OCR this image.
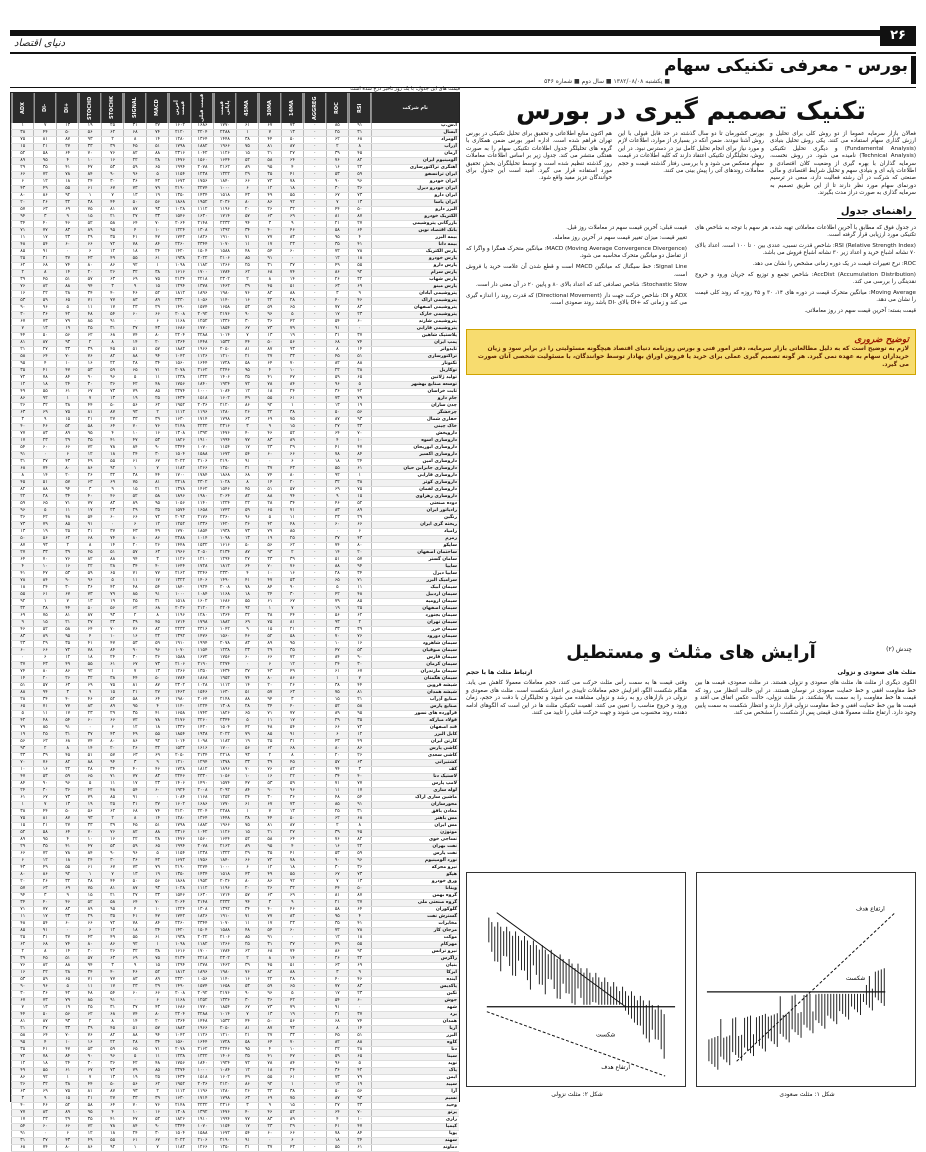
دنیای اقتصاد
۲۶
بورس - معرفی تکنیکی سهام
■ یکشنبه ۱۳۸۲/۰۸/۰۸ ■ سال دوم ■ شماره ۵۴۶
قیمت های این جدول، با یک روز تاخیر درج شده است
نام شرکت	RSI	ROC	AGGREG	14MA	30MA	45MA	قیمت پایانی	قیمت قبلی	آخرین قیمت	MACD	SIGNAL	STOCHK	STOCHD	+DI	-DI	ADX
آ.س.پ	۹۱	۸۵	·	۷۳	۶۷	۶۱	۱۷۷۰	۱۶۸۶	۱۶۰۲	۳۷	۳۱	۲۵	۱۹	۱۳	۷	۱
آبسال	۳۱	۲۵	·	۱۳	۷	۱	۲۲۸۸	۲۲۰۴	۲۱۲۰	۷۴	۶۸	۶۲	۵۶	۵۰	۴۴	۳۸
آلومراد	۶۸	۶۲	·	۵۰	۴۴	۳۸	۱۴۴۸	۱۳۶۴	۱۲۸۰	۱۴	۸	۲	۹۳	۸۷	۸۱	۷۵
آذرآب	۸	۲	·	۸۷	۸۱	۷۵	۱۹۶۶	۱۸۸۲	۱۷۹۸	۵۱	۴۵	۳۹	۳۳	۲۷	۲۱	۱۵
آرمان	۴۵	۳۹	·	۲۷	۲۱	۱۵	۱۱۲۶	۱۰۴۲	۲۳۱۶	۸۸	۸۲	۷۶	۷۰	۶۴	۵۸	۵۲
آلومینیوم ایران	۸۲	۷۶	·	۶۴	۵۸	۵۲	۱۶۴۴	۱۵۶۰	۱۴۷۶	۲۸	۲۲	۱۶	۱۰	۴	۹۵	۸۹
آهنگری تراکتورسازی	۲۲	۱۶	·	۴	۹۵	۸۹	۲۱۶۲	۲۰۷۸	۱۹۹۴	۶۵	۵۹	۵۳	۴۷	۴۱	۳۵	۲۹
ایران ترانسفو	۵۹	۵۳	·	۴۱	۳۵	۲۹	۱۳۲۲	۱۲۳۸	۱۱۵۴	۵	۹۶	۹۰	۸۴	۷۸	۷۲	۶۶
ایران خودرو	۹۶	۹۰	·	۷۸	۷۲	۶۶	۱۸۴۰	۱۷۵۶	۱۶۷۲	۴۲	۳۶	۳۰	۲۴	۱۸	۱۲	۶
ایران خودرو دیزل	۳۶	۳۰	·	۱۸	۱۲	۶	۱۰۰۰	۲۲۷۴	۲۱۹۰	۷۹	۷۳	۶۷	۶۱	۵۵	۴۹	۴۳
ایران دارو	۷۳	۶۷	·	۵۵	۴۹	۴۳	۱۵۱۸	۱۴۳۴	۱۳۵۰	۱۹	۱۳	۷	۱	۹۲	۸۶	۸۰
ایران یاسا	۱۳	۷	·	۹۲	۸۶	۸۰	۲۰۳۶	۱۹۵۲	۱۸۶۸	۵۶	۵۰	۴۴	۳۸	۳۲	۲۶	۲۰
البرز دارو	۵۰	۴۴	·	۳۲	۲۶	۲۰	۱۱۹۶	۱۱۱۲	۱۰۲۸	۹۳	۸۷	۸۱	۷۵	۶۹	۶۳	۵۷
الکتریک خودرو	۸۷	۸۱	·	۶۹	۶۳	۵۷	۱۷۱۴	۱۶۳۰	۱۵۴۶	۳۳	۲۷	۲۱	۱۵	۹	۳	۹۴
بازرگانی پتروشیمی	۲۷	۲۱	·	۹	۳	۹۴	۲۲۳۲	۲۱۴۸	۲۰۶۴	۷۰	۶۴	۵۸	۵۲	۴۶	۴۰	۳۴
بانک اقتصاد نوین	۶۴	۵۸	·	۴۶	۴۰	۳۴	۱۳۹۲	۱۳۰۸	۱۲۲۴	۱۰	۴	۹۵	۸۹	۸۳	۷۷	۷۱
بیمه البرز	۴	۹۵	·	۸۳	۷۷	۷۱	۱۹۱۰	۱۸۲۶	۱۷۴۲	۴۷	۴۱	۳۵	۲۹	۲۳	۱۷	۱۱
بیمه دانا	۴۱	۳۵	·	۲۳	۱۷	۱۱	۱۰۷۰	۲۳۴۴	۲۲۶۰	۸۴	۷۸	۷۲	۶۶	۶۰	۵۴	۴۸
پارس الکتریک	۷۸	۷۲	·	۶۰	۵۴	۴۸	۱۵۸۸	۱۵۰۴	۱۴۲۰	۲۴	۱۸	۱۲	۶	۰	۹۱	۸۵
پارس خودرو	۱۸	۱۲	·	۰	۹۱	۸۵	۲۱۰۶	۲۰۲۲	۱۹۳۸	۶۱	۵۵	۴۹	۴۳	۳۷	۳۱	۲۵
پارس دارو	۵۵	۴۹	·	۳۷	۳۱	۲۵	۱۲۶۶	۱۱۸۲	۱۰۹۸	۱	۹۲	۸۶	۸۰	۷۴	۶۸	۶۲
پارس سرام	۹۲	۸۶	·	۷۴	۶۸	۶۲	۱۷۸۴	۱۷۰۰	۱۶۱۶	۳۸	۳۲	۲۶	۲۰	۱۴	۸	۲
پارس شهاب	۳۲	۲۶	·	۱۴	۸	۲	۲۳۰۲	۲۲۱۸	۲۱۳۴	۷۵	۶۹	۶۳	۵۷	۵۱	۴۵	۳۹
پارس مینو	۶۹	۶۳	·	۵۱	۴۵	۳۹	۱۴۶۲	۱۳۷۸	۱۲۹۴	۱۵	۹	۳	۹۴	۸۸	۸۲	۷۶
پتروشیمی آبادان	۹	۳	·	۸۸	۸۲	۷۶	۱۹۸۰	۱۸۹۶	۱۸۱۲	۵۲	۴۶	۴۰	۳۴	۲۸	۲۲	۱۶
پتروشیمی اراک	۴۶	۴۰	·	۲۸	۲۲	۱۶	۱۱۴۰	۱۰۵۶	۲۳۳۰	۸۹	۸۳	۷۷	۷۱	۶۵	۵۹	۵۳
پتروشیمی اصفهان	۸۳	۷۷	·	۶۵	۵۹	۵۳	۱۶۵۸	۱۵۷۴	۱۴۹۰	۲۹	۲۳	۱۷	۱۱	۵	۹۶	۹۰
پتروشیمی خارک	۲۳	۱۷	·	۵	۹۶	۹۰	۲۱۷۶	۲۰۹۲	۲۰۰۸	۶۶	۶۰	۵۴	۴۸	۴۲	۳۶	۳۰
پتروشیمی شازند	۶۰	۵۴	·	۴۲	۳۶	۳۰	۱۳۳۶	۱۲۵۲	۱۱۶۸	۶	۰	۹۱	۸۵	۷۹	۷۳	۶۷
پتروشیمی فارابی	۰	۹۱	·	۷۹	۷۳	۶۷	۱۸۵۴	۱۷۷۰	۱۶۸۶	۴۳	۳۷	۳۱	۲۵	۱۹	۱۳	۷
پلاستیک شاهین	۳۷	۳۱	·	۱۹	۱۳	۷	۱۰۱۴	۲۲۸۸	۲۲۰۴	۸۰	۷۴	۶۸	۶۲	۵۶	۵۰	۴۴
پمپ ایران	۷۴	۶۸	·	۵۶	۵۰	۴۴	۱۵۳۲	۱۴۴۸	۱۳۶۴	۲۰	۱۴	۸	۲	۹۳	۸۷	۸۱
تایدواتر	۱۴	۸	·	۹۳	۸۷	۸۱	۲۰۵۰	۱۹۶۶	۱۸۸۲	۵۷	۵۱	۴۵	۳۹	۳۳	۲۷	۲۱
تراکتورسازی	۵۱	۴۵	·	۳۳	۲۷	۲۱	۱۲۱۰	۱۱۲۶	۱۰۴۲	۹۴	۸۸	۸۲	۷۶	۷۰	۶۴	۵۸
تکنوتار	۸۸	۸۲	·	۷۰	۶۴	۵۸	۱۷۲۸	۱۶۴۴	۱۵۶۰	۳۴	۲۸	۲۲	۱۶	۱۰	۴	۹۵
توکاریل	۲۸	۲۲	·	۱۰	۴	۹۵	۲۲۴۶	۲۱۶۲	۲۰۷۸	۷۱	۶۵	۵۹	۵۳	۴۷	۴۱	۳۵
تولید ژلاتین	۶۵	۵۹	·	۴۷	۴۱	۳۵	۱۴۰۶	۱۳۲۲	۱۲۳۸	۱۱	۵	۹۶	۹۰	۸۴	۷۸	۷۲
توسعه صنایع بهشهر	۵	۹۶	·	۸۴	۷۸	۷۲	۱۹۲۴	۱۸۴۰	۱۷۵۶	۴۸	۴۲	۳۶	۳۰	۲۴	۱۸	۱۲
ثابت خراسان	۴۲	۳۶	·	۲۴	۱۸	۱۲	۱۰۸۴	۱۰۰۰	۲۲۷۴	۸۵	۷۹	۷۳	۶۷	۶۱	۵۵	۴۹
جام دارو	۷۹	۷۳	·	۶۱	۵۵	۴۹	۱۶۰۲	۱۵۱۸	۱۴۳۴	۲۵	۱۹	۱۳	۷	۱	۹۲	۸۶
چدن سازان	۱۹	۱۳	·	۱	۹۲	۸۶	۲۱۲۰	۲۰۳۶	۱۹۵۲	۶۲	۵۶	۵۰	۴۴	۳۸	۳۲	۲۶
چرخشگر	۵۶	۵۰	·	۳۸	۳۲	۲۶	۱۲۸۰	۱۱۹۶	۱۱۱۲	۲	۹۳	۸۷	۸۱	۷۵	۶۹	۶۳
حفاری شمال	۹۳	۸۷	·	۷۵	۶۹	۶۳	۱۷۹۸	۱۷۱۴	۱۶۳۰	۳۹	۳۳	۲۷	۲۱	۱۵	۹	۳
خاک چینی	۳۳	۲۷	·	۱۵	۹	۳	۲۳۱۶	۲۲۳۲	۲۱۴۸	۷۶	۷۰	۶۴	۵۸	۵۲	۴۶	۴۰
داروپخش	۷۰	۶۴	·	۵۲	۴۶	۴۰	۱۴۷۶	۱۳۹۲	۱۳۰۸	۱۶	۱۰	۴	۹۵	۸۹	۸۳	۷۷
داروسازی اسوه	۱۰	۴	·	۸۹	۸۳	۷۷	۱۹۹۴	۱۹۱۰	۱۸۲۶	۵۳	۴۷	۴۱	۳۵	۲۹	۲۳	۱۷
داروسازی ابوریحان	۴۷	۴۱	·	۲۹	۲۳	۱۷	۱۱۵۴	۱۰۷۰	۲۳۴۴	۹۰	۸۴	۷۸	۷۲	۶۶	۶۰	۵۴
داروسازی اکسیر	۸۴	۷۸	·	۶۶	۶۰	۵۴	۱۶۷۲	۱۵۸۸	۱۵۰۴	۳۰	۲۴	۱۸	۱۲	۶	۰	۹۱
داروسازی امین	۲۴	۱۸	·	۶	۰	۹۱	۲۱۹۰	۲۱۰۶	۲۰۲۲	۶۷	۶۱	۵۵	۴۹	۴۳	۳۷	۳۱
داروسازی جابرابن حیان	۶۱	۵۵	·	۴۳	۳۷	۳۱	۱۳۵۰	۱۲۶۶	۱۱۸۲	۷	۱	۹۲	۸۶	۸۰	۷۴	۶۸
داروسازی فارابی	۱	۹۲	·	۸۰	۷۴	۶۸	۱۸۶۸	۱۷۸۴	۱۷۰۰	۴۴	۳۸	۳۲	۲۶	۲۰	۱۴	۸
داروسازی کوثر	۳۸	۳۲	·	۲۰	۱۴	۸	۱۰۲۸	۲۳۰۲	۲۲۱۸	۸۱	۷۵	۶۹	۶۳	۵۷	۵۱	۴۵
داروسازی لقمان	۷۵	۶۹	·	۵۷	۵۱	۴۵	۱۵۴۶	۱۴۶۲	۱۳۷۸	۲۱	۱۵	۹	۳	۹۴	۸۸	۸۲
داروسازی زهراوی	۱۵	۹	·	۹۴	۸۸	۸۲	۲۰۶۴	۱۹۸۰	۱۸۹۶	۵۸	۵۲	۴۶	۴۰	۳۴	۲۸	۲۲
دوده صنعتی	۵۲	۴۶	·	۳۴	۲۸	۲۲	۱۲۲۴	۱۱۴۰	۱۰۵۶	۹۵	۸۹	۸۳	۷۷	۷۱	۶۵	۵۹
رادیاتور ایران	۸۹	۸۳	·	۷۱	۶۵	۵۹	۱۷۴۲	۱۶۵۸	۱۵۷۴	۳۵	۲۹	۲۳	۱۷	۱۱	۵	۹۶
رنگین	۲۹	۲۳	·	۱۱	۵	۹۶	۲۲۶۰	۲۱۷۶	۲۰۹۲	۷۲	۶۶	۶۰	۵۴	۴۸	۴۲	۳۶
ریخته گری ایران	۶۶	۶۰	·	۴۸	۴۲	۳۶	۱۴۲۰	۱۳۳۶	۱۲۵۲	۱۲	۶	۰	۹۱	۸۵	۷۹	۷۳
زامیاد	۶	۰	·	۸۵	۷۹	۷۳	۱۹۳۸	۱۸۵۴	۱۷۷۰	۴۹	۴۳	۳۷	۳۱	۲۵	۱۹	۱۳
زمزم	۴۳	۳۷	·	۲۵	۱۹	۱۳	۱۰۹۸	۱۰۱۴	۲۲۸۸	۸۶	۸۰	۷۴	۶۸	۶۲	۵۶	۵۰
ساپکو	۸۰	۷۴	·	۶۲	۵۶	۵۰	۱۶۱۶	۱۵۳۲	۱۴۴۸	۲۶	۲۰	۱۴	۸	۲	۹۳	۸۷
ساختمان اصفهان	۲۰	۱۴	·	۲	۹۳	۸۷	۲۱۳۴	۲۰۵۰	۱۹۶۶	۶۳	۵۷	۵۱	۴۵	۳۹	۳۳	۲۷
سامان گستر	۵۷	۵۱	·	۳۹	۳۳	۲۷	۱۲۹۴	۱۲۱۰	۱۱۲۶	۳	۹۴	۸۸	۸۲	۷۶	۷۰	۶۴
سایپا	۹۴	۸۸	·	۷۶	۷۰	۶۴	۱۸۱۲	۱۷۲۸	۱۶۴۴	۴۰	۳۴	۲۸	۲۲	۱۶	۱۰	۴
سایپا دیزل	۳۴	۲۸	·	۱۶	۱۰	۴	۲۳۳۰	۲۲۴۶	۲۱۶۲	۷۷	۷۱	۶۵	۵۹	۵۳	۴۷	۴۱
سرامیک البرز	۷۱	۶۵	·	۵۳	۴۷	۴۱	۱۴۹۰	۱۴۰۶	۱۳۲۲	۱۷	۱۱	۵	۹۶	۹۰	۸۴	۷۸
سیمان آبیک	۱۱	۵	·	۹۰	۸۴	۷۸	۲۰۰۸	۱۹۲۴	۱۸۴۰	۵۴	۴۸	۴۲	۳۶	۳۰	۲۴	۱۸
سیمان اردبیل	۴۸	۴۲	·	۳۰	۲۴	۱۸	۱۱۶۸	۱۰۸۴	۱۰۰۰	۹۱	۸۵	۷۹	۷۳	۶۷	۶۱	۵۵
سیمان ارومیه	۸۵	۷۹	·	۶۷	۶۱	۵۵	۱۶۸۶	۱۶۰۲	۱۵۱۸	۳۱	۲۵	۱۹	۱۳	۷	۱	۹۲
سیمان اصفهان	۲۵	۱۹	·	۷	۱	۹۲	۲۲۰۴	۲۱۲۰	۲۰۳۶	۶۸	۶۲	۵۶	۵۰	۴۴	۳۸	۳۲
سیمان بجنورد	۶۲	۵۶	·	۴۴	۳۸	۳۲	۱۳۶۴	۱۲۸۰	۱۱۹۶	۸	۲	۹۳	۸۷	۸۱	۷۵	۶۹
سیمان تهران	۲	۹۳	·	۸۱	۷۵	۶۹	۱۸۸۲	۱۷۹۸	۱۷۱۴	۴۵	۳۹	۳۳	۲۷	۲۱	۱۵	۹
سیمان خزر	۳۹	۳۳	·	۲۱	۱۵	۹	۱۰۴۲	۲۳۱۶	۲۲۳۲	۸۲	۷۶	۷۰	۶۴	۵۸	۵۲	۴۶
سیمان دورود	۷۶	۷۰	·	۵۸	۵۲	۴۶	۱۵۶۰	۱۴۷۶	۱۳۹۲	۲۲	۱۶	۱۰	۴	۹۵	۸۹	۸۳
سیمان شاهرود	۱۶	۱۰	·	۹۵	۸۹	۸۳	۲۰۷۸	۱۹۹۴	۱۹۱۰	۵۹	۵۳	۴۷	۴۱	۳۵	۲۹	۲۳
سیمان صوفیان	۵۳	۴۷	·	۳۵	۲۹	۲۳	۱۲۳۸	۱۱۵۴	۱۰۷۰	۹۶	۹۰	۸۴	۷۸	۷۲	۶۶	۶۰
سیمان فارس	۹۰	۸۴	·	۷۲	۶۶	۶۰	۱۷۵۶	۱۶۷۲	۱۵۸۸	۳۶	۳۰	۲۴	۱۸	۱۲	۶	۰
سیمان کرمان	۳۰	۲۴	·	۱۲	۶	۰	۲۲۷۴	۲۱۹۰	۲۱۰۶	۷۳	۶۷	۶۱	۵۵	۴۹	۴۳	۳۷
سیمان مازندران	۶۷	۶۱	·	۴۹	۴۳	۳۷	۱۴۳۴	۱۳۵۰	۱۲۶۶	۱۳	۷	۱	۹۲	۸۶	۸۰	۷۴
سیمان هگمتان	۷	۱	·	۸۶	۸۰	۷۴	۱۹۵۲	۱۸۶۸	۱۷۸۴	۵۰	۴۴	۳۸	۳۲	۲۶	۲۰	۱۴
شیشه قزوین	۴۴	۳۸	·	۲۶	۲۰	۱۴	۱۱۱۲	۱۰۲۸	۲۳۰۲	۸۷	۸۱	۷۵	۶۹	۶۳	۵۷	۵۱
شیشه همدان	۸۱	۷۵	·	۶۳	۵۷	۵۱	۱۶۳۰	۱۵۴۶	۱۴۶۲	۲۷	۲۱	۱۵	۹	۳	۹۴	۸۸
صنایع آذرآب	۲۱	۱۵	·	۳	۹۴	۸۸	۲۱۴۸	۲۰۶۴	۱۹۸۰	۶۴	۵۸	۵۲	۴۶	۴۰	۳۴	۲۸
صنایع پارس	۵۸	۵۲	·	۴۰	۳۴	۲۸	۱۳۰۸	۱۲۲۴	۱۱۴۰	۴	۹۵	۸۹	۸۳	۷۷	۷۱	۶۵
فرآورده های نسوز	۹۵	۸۹	·	۷۷	۷۱	۶۵	۱۸۲۶	۱۷۴۲	۱۶۵۸	۴۱	۳۵	۲۹	۲۳	۱۷	۱۱	۵
فولاد مبارکه	۳۵	۲۹	·	۱۷	۱۱	۵	۲۳۴۴	۲۲۶۰	۲۱۷۶	۷۸	۷۲	۶۶	۶۰	۵۴	۴۸	۴۲
قند اصفهان	۷۲	۶۶	·	۵۴	۴۸	۴۲	۱۵۰۴	۱۴۲۰	۱۳۳۶	۱۸	۱۲	۶	۰	۹۱	۸۵	۷۹
کابل البرز	۱۲	۶	·	۹۱	۸۵	۷۹	۲۰۲۲	۱۹۳۸	۱۸۵۴	۵۵	۴۹	۴۳	۳۷	۳۱	۲۵	۱۹
کارتن ایران	۴۹	۴۳	·	۳۱	۲۵	۱۹	۱۱۸۲	۱۰۹۸	۱۰۱۴	۹۲	۸۶	۸۰	۷۴	۶۸	۶۲	۵۶
کاشی پارس	۸۶	۸۰	·	۶۸	۶۲	۵۶	۱۷۰۰	۱۶۱۶	۱۵۳۲	۳۲	۲۶	۲۰	۱۴	۸	۲	۹۳
کاشی سعدی	۲۶	۲۰	·	۸	۲	۹۳	۲۲۱۸	۲۱۳۴	۲۰۵۰	۶۹	۶۳	۵۷	۵۱	۴۵	۳۹	۳۳
کشتیرانی	۶۳	۵۷	·	۴۵	۳۹	۳۳	۱۳۷۸	۱۲۹۴	۱۲۱۰	۹	۳	۹۴	۸۸	۸۲	۷۶	۷۰
کف	۳	۹۴	·	۸۲	۷۶	۷۰	۱۸۹۶	۱۸۱۲	۱۷۲۸	۴۶	۴۰	۳۴	۲۸	۲۲	۱۶	۱۰
لاستیک دنا	۴۰	۳۴	·	۲۲	۱۶	۱۰	۱۰۵۶	۲۳۳۰	۲۲۴۶	۸۳	۷۷	۷۱	۶۵	۵۹	۵۳	۴۷
لامپ پارس	۷۷	۷۱	·	۵۹	۵۳	۴۷	۱۵۷۴	۱۴۹۰	۱۴۰۶	۲۳	۱۷	۱۱	۵	۹۶	۹۰	۸۴
لوله سازی	۱۷	۱۱	·	۹۶	۹۰	۸۴	۲۰۹۲	۲۰۰۸	۱۹۲۴	۶۰	۵۴	۴۸	۴۲	۳۶	۳۰	۲۴
ماشین سازی اراک	۵۴	۴۸	·	۳۶	۳۰	۲۴	۱۲۵۲	۱۱۶۸	۱۰۸۴	۰	۹۱	۸۵	۷۹	۷۳	۶۷	۶۱
محورسازان	۹۱	۸۵	·	۷۳	۶۷	۶۱	۱۷۷۰	۱۶۸۶	۱۶۰۲	۳۷	۳۱	۲۵	۱۹	۱۳	۷	۱
معادن بافق	۳۱	۲۵	·	۱۳	۷	۱	۲۲۸۸	۲۲۰۴	۲۱۲۰	۷۴	۶۸	۶۲	۵۶	۵۰	۴۴	۳۸
مس باهنر	۶۸	۶۲	·	۵۰	۴۴	۳۸	۱۴۴۸	۱۳۶۴	۱۲۸۰	۱۴	۸	۲	۹۳	۸۷	۸۱	۷۵
مس ایران	۸	۲	·	۸۷	۸۱	۷۵	۱۹۶۶	۱۸۸۲	۱۷۹۸	۵۱	۴۵	۳۹	۳۳	۲۷	۲۱	۱۵
موتوژن	۴۵	۳۹	·	۲۷	۲۱	۱۵	۱۱۲۶	۱۰۴۲	۲۳۱۶	۸۸	۸۲	۷۶	۷۰	۶۴	۵۸	۵۲
نساجی خوی	۸۲	۷۶	·	۶۴	۵۸	۵۲	۱۶۴۴	۱۵۶۰	۱۴۷۶	۲۸	۲۲	۱۶	۱۰	۴	۹۵	۸۹
نفت بهران	۲۲	۱۶	·	۴	۹۵	۸۹	۲۱۶۲	۲۰۷۸	۱۹۹۴	۶۵	۵۹	۵۳	۴۷	۴۱	۳۵	۲۹
نفت پارس	۵۹	۵۳	·	۴۱	۳۵	۲۹	۱۳۲۲	۱۲۳۸	۱۱۵۴	۵	۹۶	۹۰	۸۴	۷۸	۷۲	۶۶
نورد آلومینیوم	۹۶	۹۰	·	۷۸	۷۲	۶۶	۱۸۴۰	۱۷۵۶	۱۶۷۲	۴۲	۳۶	۳۰	۲۴	۱۸	۱۲	۶
نیرو محرکه	۳۶	۳۰	·	۱۸	۱۲	۶	۱۰۰۰	۲۲۷۴	۲۱۹۰	۷۹	۷۳	۶۷	۶۱	۵۵	۴۹	۴۳
هپکو	۷۳	۶۷	·	۵۵	۴۹	۴۳	۱۵۱۸	۱۴۳۴	۱۳۵۰	۱۹	۱۳	۷	۱	۹۲	۸۶	۸۰
ورق خودرو	۱۳	۷	·	۹۲	۸۶	۸۰	۲۰۳۶	۱۹۵۲	۱۸۶۸	۵۶	۵۰	۴۴	۳۸	۳۲	۲۶	۲۰
ویتانا	۵۰	۴۴	·	۳۲	۲۶	۲۰	۱۱۹۶	۱۱۱۲	۱۰۲۸	۹۳	۸۷	۸۱	۷۵	۶۹	۶۳	۵۷
گروه بهمن	۸۷	۸۱	·	۶۹	۶۳	۵۷	۱۷۱۴	۱۶۳۰	۱۵۴۶	۳۳	۲۷	۲۱	۱۵	۹	۳	۹۴
گروه صنعتی ملی	۲۷	۲۱	·	۹	۳	۹۴	۲۲۳۲	۲۱۴۸	۲۰۶۴	۷۰	۶۴	۵۸	۵۲	۴۶	۴۰	۳۴
گلوکوزان	۶۴	۵۸	·	۴۶	۴۰	۳۴	۱۳۹۲	۱۳۰۸	۱۲۲۴	۱۰	۴	۹۵	۸۹	۸۳	۷۷	۷۱
گسترش نفت	۴	۹۵	·	۸۳	۷۷	۷۱	۱۹۱۰	۱۸۲۶	۱۷۴۲	۴۷	۴۱	۳۵	۲۹	۲۳	۱۷	۱۱
مخابرات	۴۱	۳۵	·	۲۳	۱۷	۱۱	۱۰۷۰	۲۳۴۴	۲۲۶۰	۸۴	۷۸	۷۲	۶۶	۶۰	۵۴	۴۸
مرجان کار	۷۸	۷۲	·	۶۰	۵۴	۴۸	۱۵۸۸	۱۵۰۴	۱۴۲۰	۲۴	۱۸	۱۲	۶	۰	۹۱	۸۵
موکت	۱۸	۱۲	·	۰	۹۱	۸۵	۲۱۰۶	۲۰۲۲	۱۹۳۸	۶۱	۵۵	۴۹	۴۳	۳۷	۳۱	۲۵
مهرکام	۵۵	۴۹	·	۳۷	۳۱	۲۵	۱۲۶۶	۱۱۸۲	۱۰۹۸	۱	۹۲	۸۶	۸۰	۷۴	۶۸	۶۲
نیرو ترانس	۹۲	۸۶	·	۷۴	۶۸	۶۲	۱۷۸۴	۱۷۰۰	۱۶۱۶	۳۸	۳۲	۲۶	۲۰	۱۴	۸	۲
زاگرس	۳۲	۲۶	·	۱۴	۸	۲	۲۳۰۲	۲۲۱۸	۲۱۳۴	۷۵	۶۹	۶۳	۵۷	۵۱	۴۵	۳۹
بنیان	۶۹	۶۳	·	۵۱	۴۵	۳۹	۱۴۶۲	۱۳۷۸	۱۲۹۴	۱۵	۹	۳	۹۴	۸۸	۸۲	۷۶
ایرکا	۹	۳	·	۸۸	۸۲	۷۶	۱۹۸۰	۱۸۹۶	۱۸۱۲	۵۲	۴۶	۴۰	۳۴	۲۸	۲۲	۱۶
آینده	۴۶	۴۰	·	۲۸	۲۲	۱۶	۱۱۴۰	۱۰۵۶	۲۳۳۰	۸۹	۸۳	۷۷	۷۱	۶۵	۵۹	۵۳
پاکدیس	۸۳	۷۷	·	۶۵	۵۹	۵۳	۱۶۵۸	۱۵۷۴	۱۴۹۰	۲۹	۲۳	۱۷	۱۱	۵	۹۶	۹۰
تکین	۲۳	۱۷	·	۵	۹۶	۹۰	۲۱۷۶	۲۰۹۲	۲۰۰۸	۶۶	۶۰	۵۴	۴۸	۴۲	۳۶	۳۰
جوش	۶۰	۵۴	·	۴۲	۳۶	۳۰	۱۳۳۶	۱۲۵۲	۱۱۶۸	۶	۰	۹۱	۸۵	۷۹	۷۳	۶۷
شهد	۰	۹۱	·	۷۹	۷۳	۶۷	۱۸۵۴	۱۷۷۰	۱۶۸۶	۴۳	۳۷	۳۱	۲۵	۱۹	۱۳	۷
یزد	۳۷	۳۱	·	۱۹	۱۳	۷	۱۰۱۴	۲۲۸۸	۲۲۰۴	۸۰	۷۴	۶۸	۶۲	۵۶	۵۰	۴۴
همدان	۷۴	۶۸	·	۵۶	۵۰	۴۴	۱۵۳۲	۱۴۴۸	۱۳۶۴	۲۰	۱۴	۸	۲	۹۳	۸۷	۸۱
آریا	۱۴	۸	·	۹۳	۸۷	۸۱	۲۰۵۰	۱۹۶۶	۱۸۸۲	۵۷	۵۱	۴۵	۳۹	۳۳	۲۷	۲۱
البرز	۵۱	۴۵	·	۳۳	۲۷	۲۱	۱۲۱۰	۱۱۲۶	۱۰۴۲	۹۴	۸۸	۸۲	۷۶	۷۰	۶۴	۵۸
کاوه	۸۸	۸۲	·	۷۰	۶۴	۵۸	۱۷۲۸	۱۶۴۴	۱۵۶۰	۳۴	۲۸	۲۲	۱۶	۱۰	۴	۹۵
دنا	۲۸	۲۲	·	۱۰	۴	۹۵	۲۲۴۶	۲۱۶۲	۲۰۷۸	۷۱	۶۵	۵۹	۵۳	۴۷	۴۱	۳۵
سینا	۶۵	۵۹	·	۴۷	۴۱	۳۵	۱۴۰۶	۱۳۲۲	۱۲۳۸	۱۱	۵	۹۶	۹۰	۸۴	۷۸	۷۲
نوید	۵	۹۶	·	۸۴	۷۸	۷۲	۱۹۲۴	۱۸۴۰	۱۷۵۶	۴۸	۴۲	۳۶	۳۰	۲۴	۱۸	۱۲
پاک	۴۲	۳۶	·	۲۴	۱۸	۱۲	۱۰۸۴	۱۰۰۰	۲۲۷۴	۸۵	۷۹	۷۳	۶۷	۶۱	۵۵	۴۹
ایمن	۷۹	۷۳	·	۶۱	۵۵	۴۹	۱۶۰۲	۱۵۱۸	۱۴۳۴	۲۵	۱۹	۱۳	۷	۱	۹۲	۸۶
سپید	۱۹	۱۳	·	۱	۹۲	۸۶	۲۱۲۰	۲۰۳۶	۱۹۵۲	۶۲	۵۶	۵۰	۴۴	۳۸	۳۲	۲۶
آرا	۵۶	۵۰	·	۳۸	۳۲	۲۶	۱۲۸۰	۱۱۹۶	۱۱۱۲	۲	۹۳	۸۷	۸۱	۷۵	۶۹	۶۳
نسیم	۹۳	۸۷	·	۷۵	۶۹	۶۳	۱۷۹۸	۱۷۱۴	۱۶۳۰	۳۹	۳۳	۲۷	۲۱	۱۵	۹	۳
وحید	۳۳	۲۷	·	۱۵	۹	۳	۲۳۱۶	۲۲۳۲	۲۱۴۸	۷۶	۷۰	۶۴	۵۸	۵۲	۴۶	۴۰
پرتو	۷۰	۶۴	·	۵۲	۴۶	۴۰	۱۴۷۶	۱۳۹۲	۱۳۰۸	۱۶	۱۰	۴	۹۵	۸۹	۸۳	۷۷
رازی	۱۰	۴	·	۸۹	۸۳	۷۷	۱۹۹۴	۱۹۱۰	۱۸۲۶	۵۳	۴۷	۴۱	۳۵	۲۹	۲۳	۱۷
کیمیا	۴۷	۴۱	·	۲۹	۲۳	۱۷	۱۱۵۴	۱۰۷۰	۲۳۴۴	۹۰	۸۴	۷۸	۷۲	۶۶	۶۰	۵۴
پویا	۸۴	۷۸	·	۶۶	۶۰	۵۴	۱۶۷۲	۱۵۸۸	۱۵۰۴	۳۰	۲۴	۱۸	۱۲	۶	۰	۹۱
سهند	۲۴	۱۸	·	۶	۰	۹۱	۲۱۹۰	۲۱۰۶	۲۰۲۲	۶۷	۶۱	۵۵	۴۹	۴۳	۳۷	۳۱
دماوند	۶۱	۵۵	·	۴۳	۳۷	۳۱	۱۳۵۰	۱۲۶۶	۱۱۸۲	۷	۱	۹۲	۸۶	۸۰	۷۴	۶۸
تکنیک تصمیم گیری در بورس

فعالان بازار سرمایه عموما از دو روش کلی برای تحلیل و ارزش گذاری سهام استفاده می کنند. یکی روش تحلیل بنیادی (Fundamental Analysis) و دیگری تحلیل تکنیکی (Technical Analysis) نامیده می شود. در روش نخست، سرمایه گذاران با بهره گیری از وضعیت کلان اقتصادی و اطلاعات پایه ای و بنیادی سهم و تحلیل شرایط اقتصادی و مالی صنعتی که شرکت در آن رشته فعالیت دارد، سعی در ترسیم دورنمای سهام مورد نظر دارند تا از این طریق تصمیم به سرمایه گذاری به صورت دراز مدت بگیرند.

بورس کشورمان تا دو سال گذشته در حد قابل قبولی با این روش آشنا نبودند. ضمن آنکه در بسیاری از موارد، اطلاعات لازم و مورد نیاز برای انجام تحلیل کامل نیز در دسترس نبود. در این روش، تحلیلگران تکنیکی اعتقاد دارند که کلیه اطلاعات در قیمت سهام منعکس می شود و با بررسی رفتار گذشته قیمت و حجم معاملات روندهای آتی را پیش بینی می کنند.

هم اکنون منابع اطلاعاتی و تحقیق برای تحلیل تکنیکی در بورس تهران فراهم شده است. اداره امور بورس ضمن همکاری با گروه های تحلیلگر جدول اطلاعات تکنیکی سهام را به صورت هفتگی منتشر می کند. جدول زیر بر اساس اطلاعات معاملات روز گذشته تنظیم شده است و توسط تحلیلگران بخش تحقیق مورد استفاده قرار می گیرد. امید است این جدول برای خوانندگان عزیز مفید واقع شود.

راهنمای جدول
در جدول فوق که مطابق با آخرین اطلاعات معاملاتی تهیه شده، هر سهم با توجه به شاخص های تکنیکی مورد ارزیابی قرار گرفته است.
RSI (Relative Strength Index): شاخص قدرت نسبی، عددی بین ۰ تا ۱۰۰ است. اعداد بالای ۷۰ نشانه اشباع خرید و اعداد زیر ۳۰ نشانه اشباع فروش می باشد.
ROC: نرخ تغییرات قیمت در یک دوره زمانی مشخص را نشان می دهد.
AccDist (Accumulation Distribution): شاخص تجمع و توزیع که جریان ورود و خروج نقدینگی را بررسی می کند.
Moving Average: میانگین متحرک قیمت در دوره های ۱۴، ۳۰ و ۴۵ روزه که روند کلی قیمت را نشان می دهد.
قیمت بسته: آخرین قیمت سهم در روز معاملاتی.
قیمت قبلی: آخرین قیمت سهم در معاملات روز قبل.
تغییر قیمت: میزان تغییر قیمت سهم در آخرین روز معامله.
MACD (Moving Average Convergence Divergence): میانگین متحرک همگرا و واگرا که از تفاضل دو میانگین متحرک محاسبه می شود.
Signal Line: خط سیگنال که میانگین MACD است و قطع شدن آن علامت خرید یا فروش است.
Stochastic Slow: شاخص تصادفی کند که اعداد بالای ۸۰ و پایین ۲۰ در آن معنی دار است.
ADX و DI: شاخص حرکت جهت دار (Directional Movement) که قدرت روند را اندازه گیری می کند و زمانی که +DI بالای -DI باشد روند صعودی است.
توضیح ضروری
لازم به توضیح است که به دلیل مطالعاتی بازار سرمایه، دفتر امور فنی و بورس روزنامه دنیای اقتصاد هیچگونه مسئولیتی را در برابر سود و زیان خریداران سهام به عهده نمی گیرد. هر گونه تصمیم گیری عملی برای خرید یا فروش اوراق بهادار توسط خوانندگان، با مسئولیت شخصی آنان صورت می گیرد.
چندش (۲)
آرایش های مثلث و مستطیل
مثلث های صعودی و نزولی
ارتباط مثلث ها با حجم
الگوی دیگری از مثلث ها، مثلث های صعودی و نزولی هستند. در مثلث صعودی، قیمت ها بین خط مقاومت افقی و خط حمایت صعودی در نوسان هستند. در این حالت انتظار می رود که قیمت ها خط مقاومت را به سمت بالا بشکنند. در مثلث نزولی، حالت عکس اتفاق می افتد و قیمت ها بین خط حمایت افقی و خط مقاومت نزولی قرار دارند و انتظار شکست به سمت پایین وجود دارد. ارتفاع مثلث معمولا هدف قیمتی پس از شکست را مشخص می کند.
وقتی قیمت ها به سمت رأس مثلث حرکت می کنند، حجم معاملات معمولا کاهش می یابد. هنگام شکست الگو، افزایش حجم معاملات تاییدی بر اعتبار شکست است. مثلث های صعودی و نزولی در بازارهای رو به رشد و نزولی مشاهده می شوند و تحلیلگران با دقت در حجم، زمان ورود و خروج مناسب را تعیین می کنند. اهمیت تکنیکی مثلث ها در این است که الگوهای ادامه دهنده روند محسوب می شوند و جهت حرکت قبلی را تایید می کنند.
ارتفاع هدف
شکست
شکل ۱: مثلث صعودی
شکست
ارتفاع هدف
شکل ۲: مثلث نزولی
